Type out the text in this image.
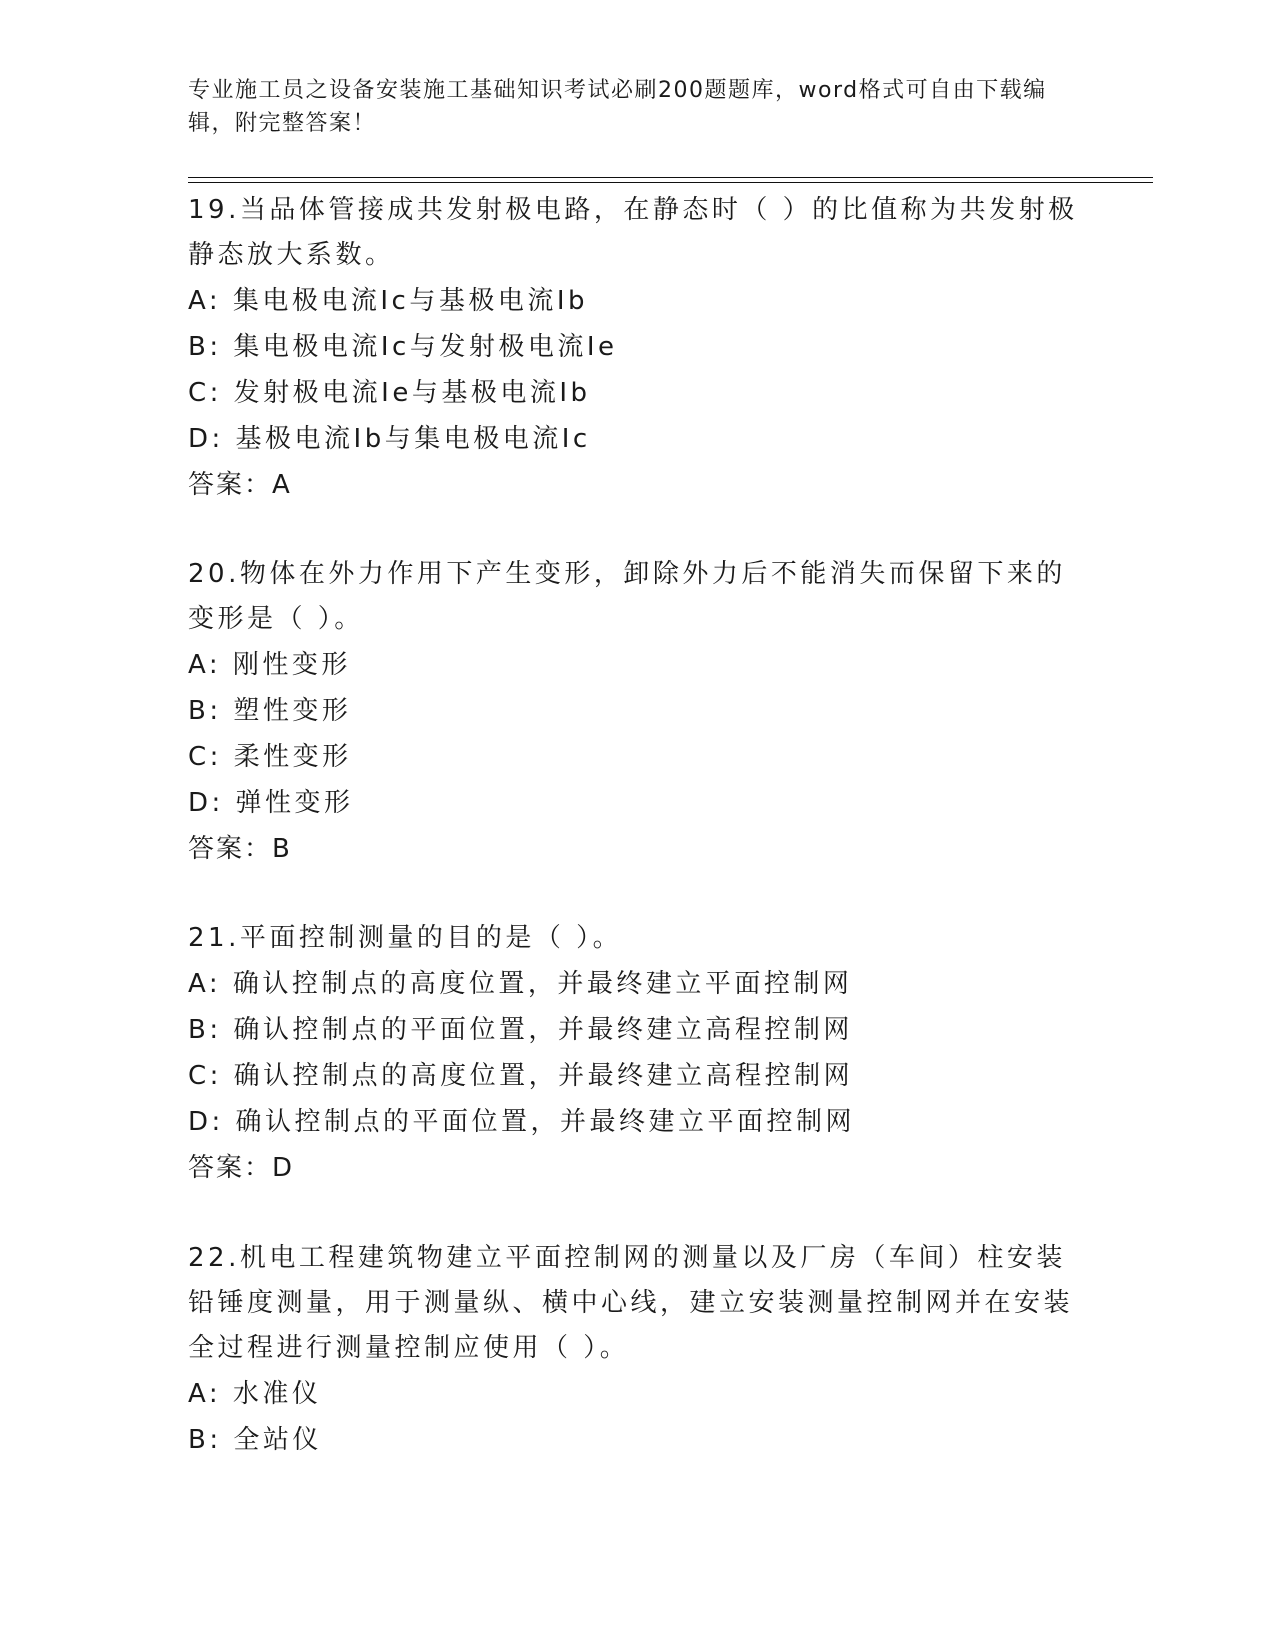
专业施工员之设备安装施工基础知识考试必刷200题题库，word格式可自由下载编辑，附完整答案！

19.当品体管接成共发射极电路，在静态时（ ）的比值称为共发射极静态放大系数。

A: 集电极电流Ic与基极电流Ib

B: 集电极电流Ic与发射极电流Ie

C: 发射极电流Ie与基极电流Ib

D: 基极电流Ib与集电极电流Ic

答案：A

20.物体在外力作用下产生变形，卸除外力后不能消失而保留下来的变形是（ ）。

A: 刚性变形

B: 塑性变形

C: 柔性变形

D: 弹性变形

答案：B

21.平面控制测量的目的是（ ）。

A: 确认控制点的高度位置，并最终建立平面控制网

B: 确认控制点的平面位置，并最终建立高程控制网

C: 确认控制点的高度位置，并最终建立高程控制网

D: 确认控制点的平面位置，并最终建立平面控制网

答案：D

22.机电工程建筑物建立平面控制网的测量以及厂房（车间）柱安装铅锤度测量，用于测量纵、横中心线，建立安装测量控制网并在安装全过程进行测量控制应使用（ ）。

A: 水准仪

B: 全站仪
